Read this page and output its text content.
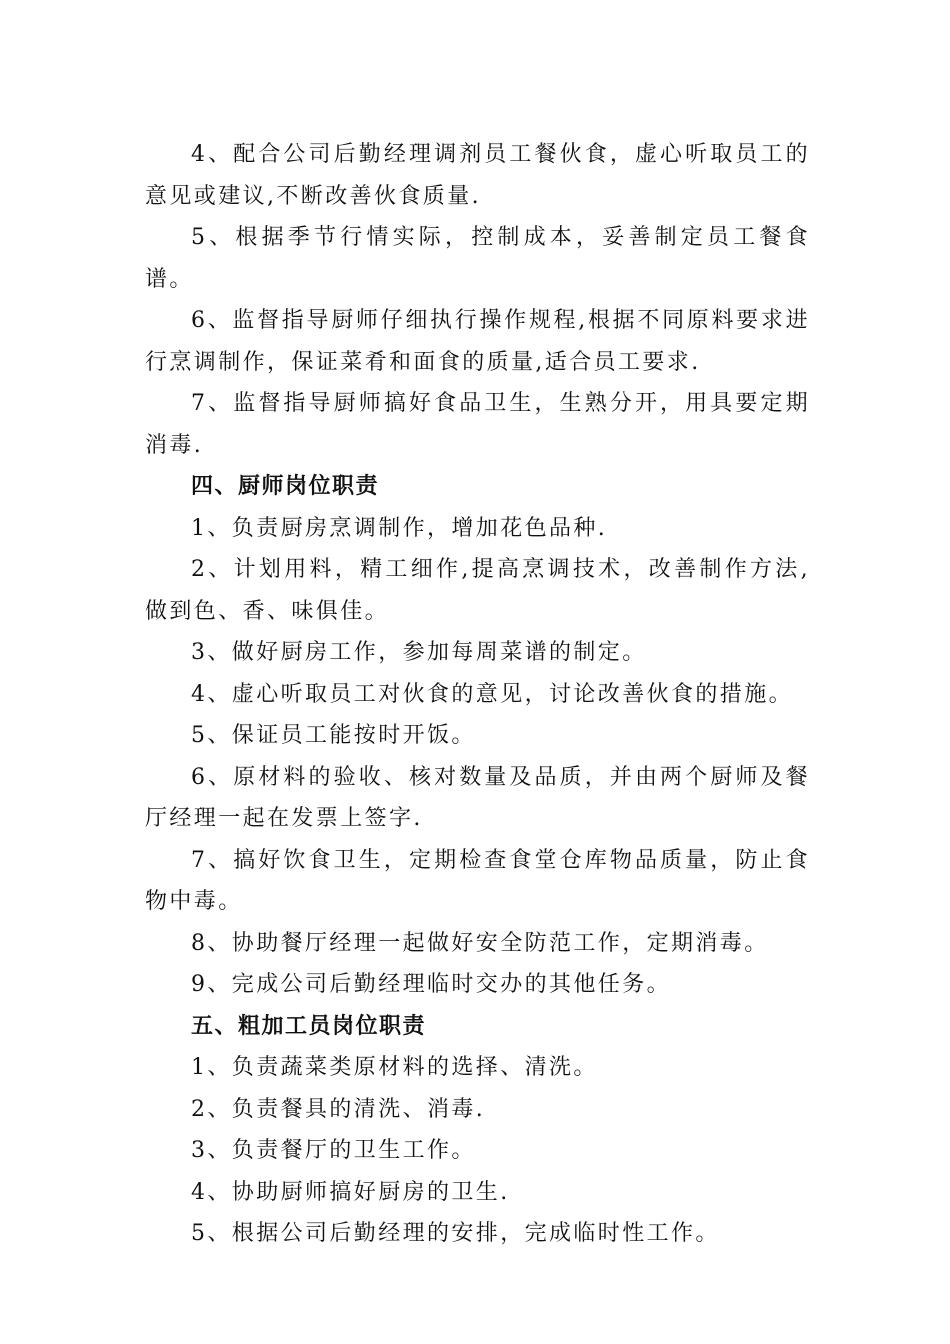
4、配合公司后勤经理调剂员工餐伙食，虚心听取员工的意见或建议,不断改善伙食质量.

5、根据季节行情实际，控制成本，妥善制定员工餐食谱。

6、监督指导厨师仔细执行操作规程,根据不同原料要求进行烹调制作，保证菜肴和面食的质量,适合员工要求.

7、监督指导厨师搞好食品卫生，生熟分开，用具要定期消毒.

四、厨师岗位职责

1、负责厨房烹调制作，增加花色品种.

2、计划用料，精工细作,提高烹调技术，改善制作方法,做到色、香、味俱佳。

3、做好厨房工作，参加每周菜谱的制定。

4、虚心听取员工对伙食的意见，讨论改善伙食的措施。

5、保证员工能按时开饭。

6、原材料的验收、核对数量及品质，并由两个厨师及餐厅经理一起在发票上签字.

7、搞好饮食卫生，定期检查食堂仓库物品质量，防止食物中毒。

8、协助餐厅经理一起做好安全防范工作，定期消毒。

9、完成公司后勤经理临时交办的其他任务。

五、粗加工员岗位职责

1、负责蔬菜类原材料的选择、清洗。

2、负责餐具的清洗、消毒.

3、负责餐厅的卫生工作。

4、协助厨师搞好厨房的卫生.

5、根据公司后勤经理的安排，完成临时性工作。
